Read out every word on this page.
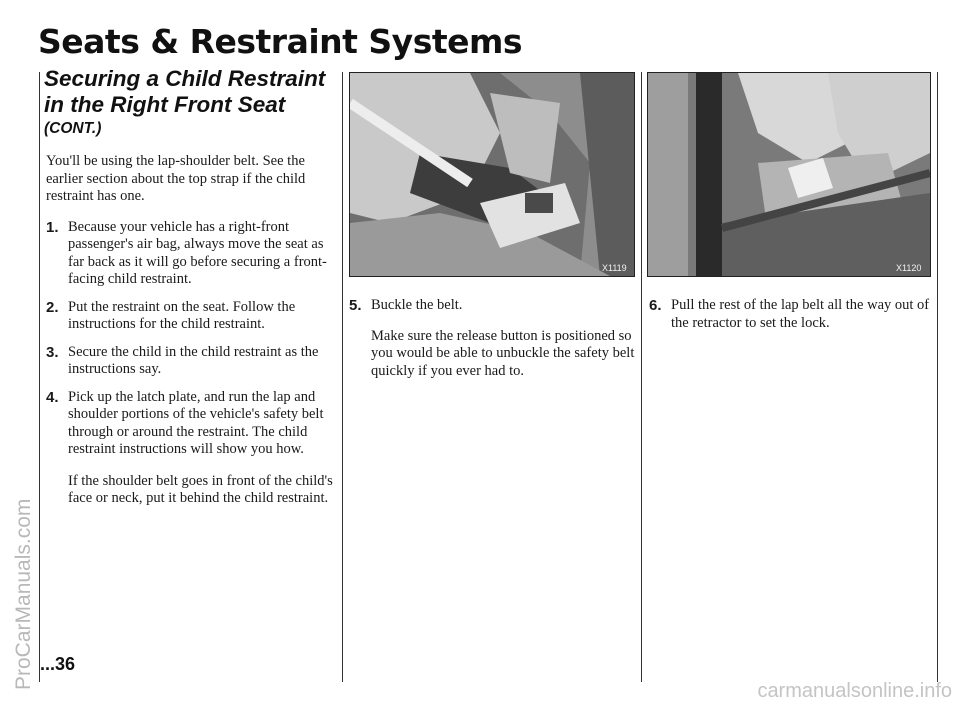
Seats & Restraint Systems
Securing a Child Restraint in the Right Front Seat
(CONT.)

You'll be using the lap-shoulder belt. See the earlier section about the top strap if the child restraint has one.

1. Because your vehicle has a right-front passenger's air bag, always move the seat as far back as it will go before securing a front-facing child restraint.
2. Put the restraint on the seat. Follow the instructions for the child restraint.
3. Secure the child in the child restraint as the instructions say.
4. Pick up the latch plate, and run the lap and shoulder portions of the vehicle's safety belt through or around the restraint. The child restraint instructions will show you how.

If the shoulder belt goes in front of the child's face or neck, put it behind the child restraint.

X1119	X1120
5. Buckle the belt.

Make sure the release button is positioned so you would be able to unbuckle the safety belt quickly if you ever had to.

6. Pull the rest of the lap belt all the way out of the retractor to set the lock.
...36
ProCarManuals.com
carmanualsonline.info
